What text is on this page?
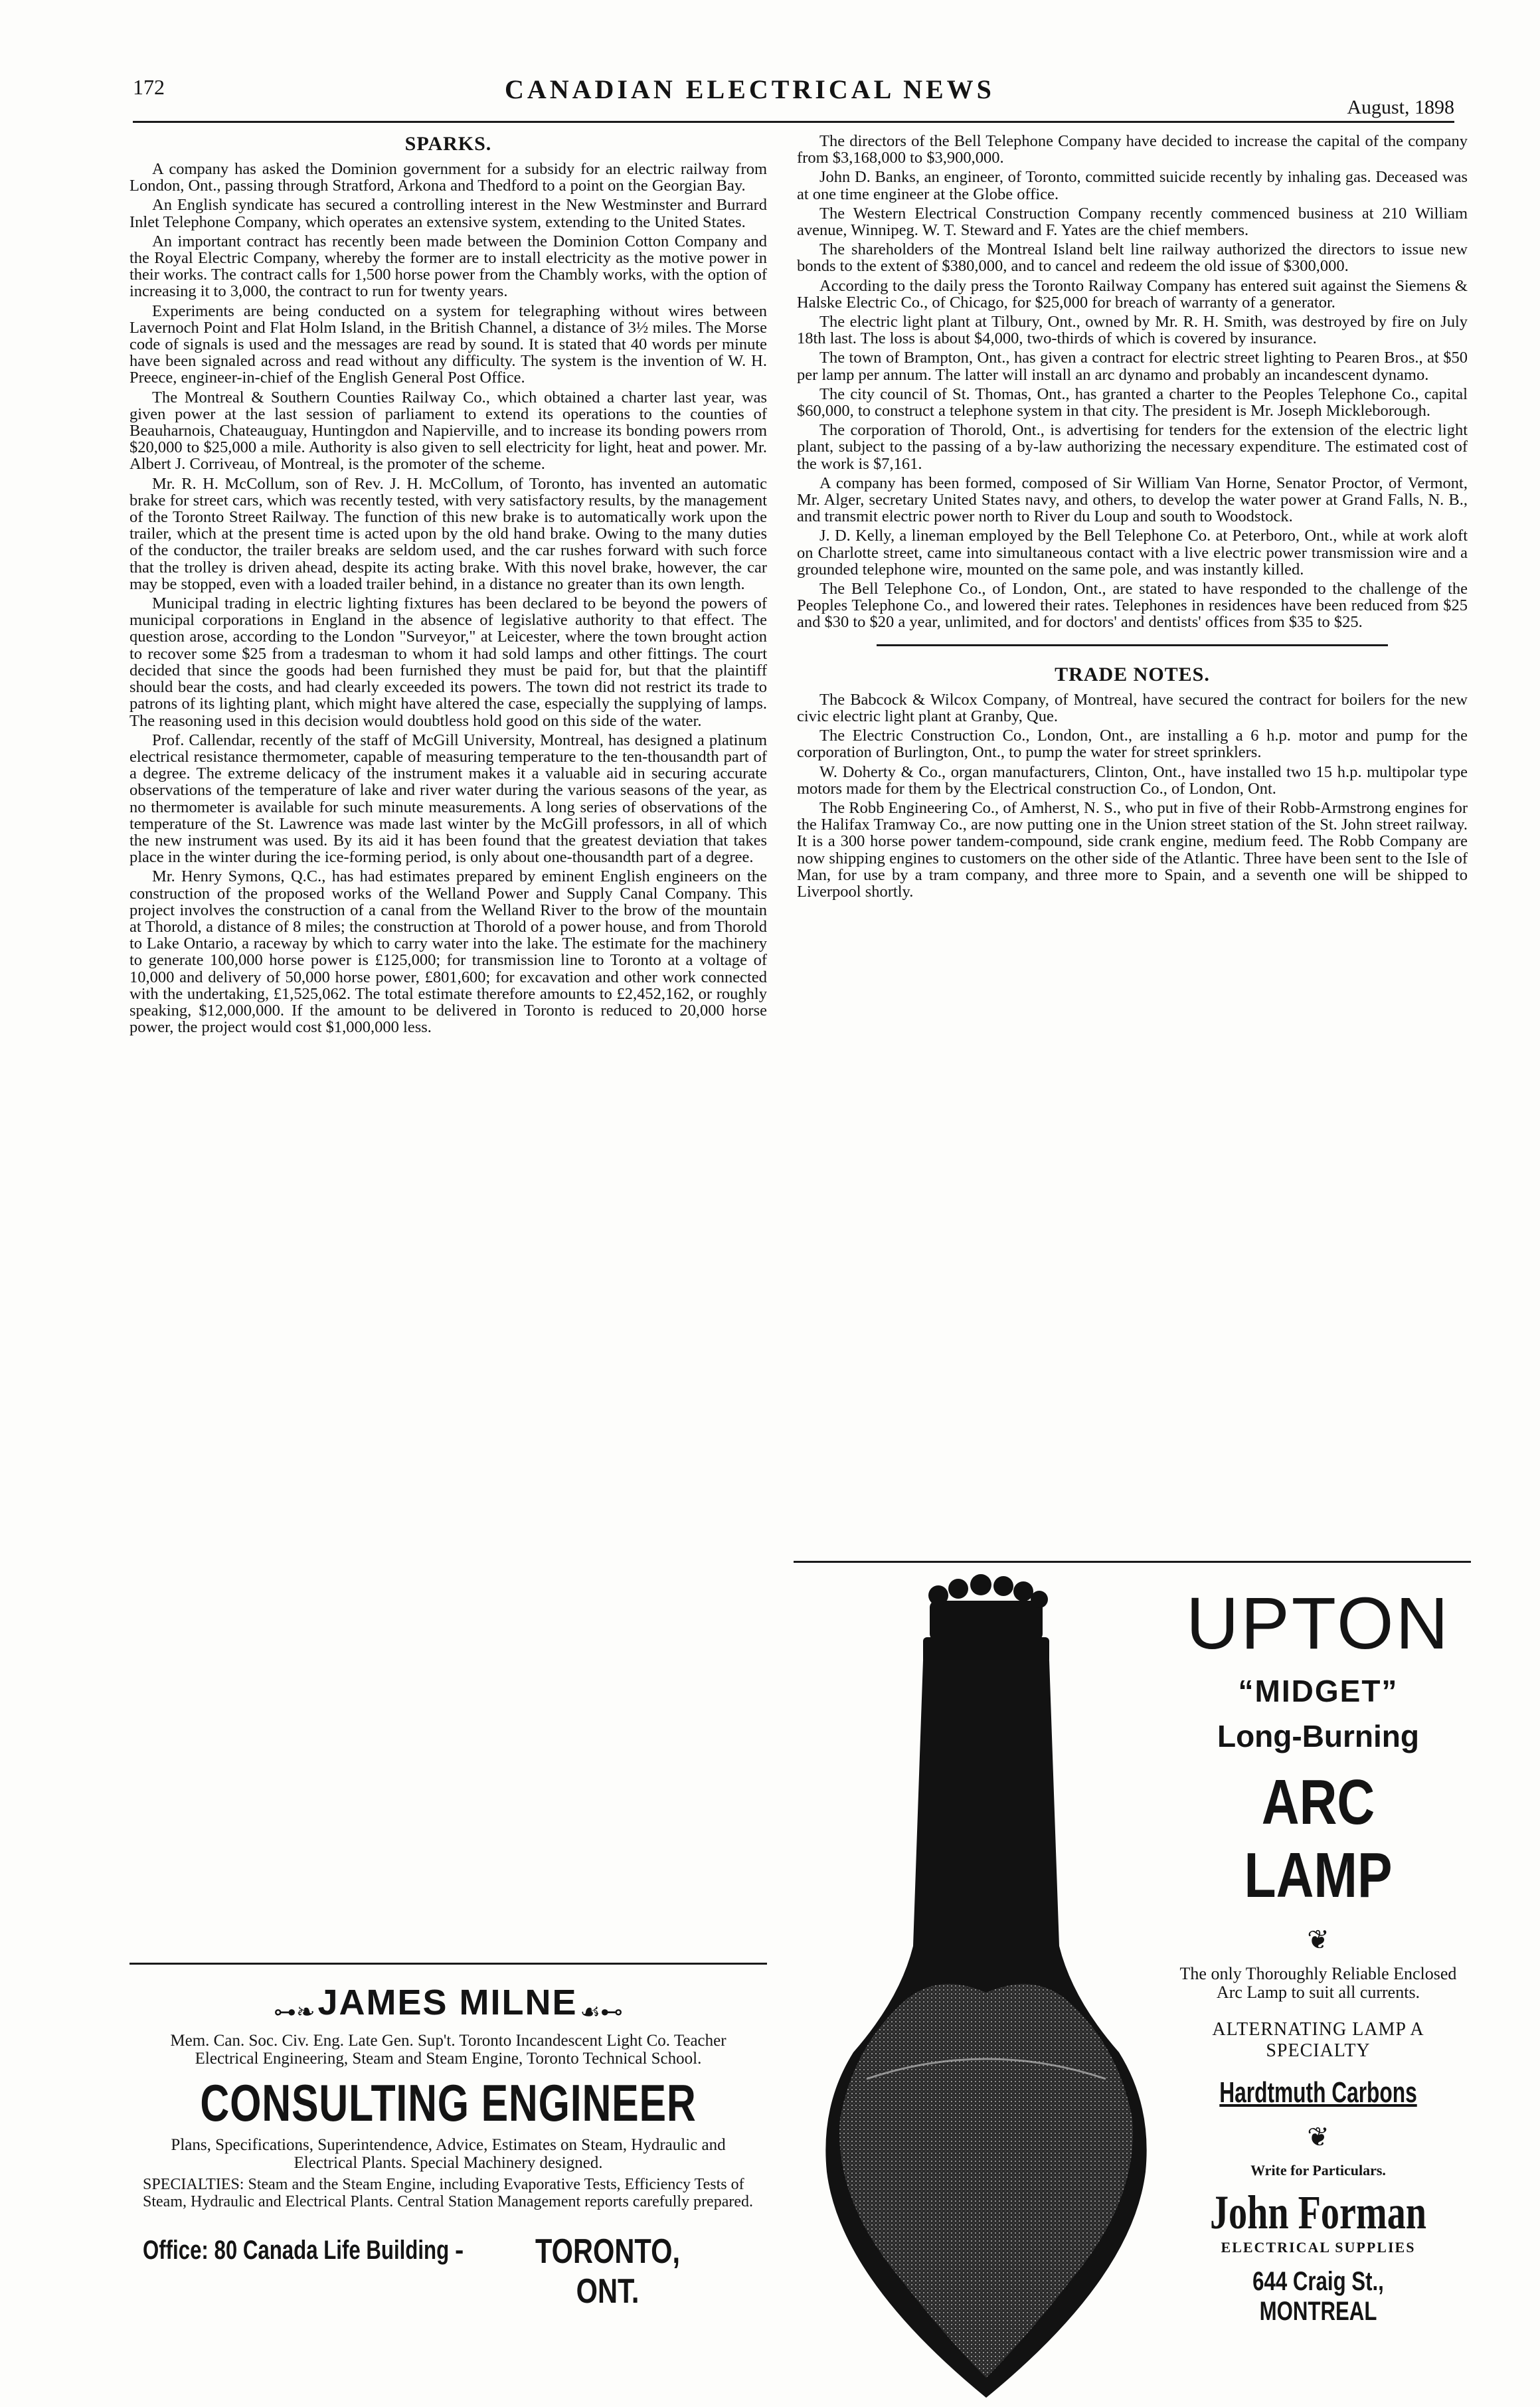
172	CANADIAN ELECTRICAL NEWS
August, 1898
SPARKS.

A company has asked the Dominion government for a subsidy for an electric railway from London, Ont., passing through Stratford, Arkona and Thedford to a point on the Georgian Bay.

An English syndicate has secured a controlling interest in the New Westminster and Burrard Inlet Telephone Company, which operates an extensive system, extending to the United States.

An important contract has recently been made between the Dominion Cotton Company and the Royal Electric Company, whereby the former are to install electricity as the motive power in their works. The contract calls for 1,500 horse power from the Chambly works, with the option of increasing it to 3,000, the contract to run for twenty years.

Experiments are being conducted on a system for telegraphing without wires between Lavernoch Point and Flat Holm Island, in the British Channel, a distance of 3½ miles. The Morse code of signals is used and the messages are read by sound. It is stated that 40 words per minute have been signaled across and read without any difficulty. The system is the invention of W. H. Preece, engineer-in-chief of the English General Post Office.

The Montreal & Southern Counties Railway Co., which obtained a charter last year, was given power at the last session of parliament to extend its operations to the counties of Beauharnois, Chateauguay, Huntingdon and Napierville, and to increase its bonding powers rrom $20,000 to $25,000 a mile. Authority is also given to sell electricity for light, heat and power. Mr. Albert J. Corriveau, of Montreal, is the promoter of the scheme.

Mr. R. H. McCollum, son of Rev. J. H. McCollum, of Toronto, has invented an automatic brake for street cars, which was recently tested, with very satisfactory results, by the management of the Toronto Street Railway. The function of this new brake is to automatically work upon the trailer, which at the present time is acted upon by the old hand brake. Owing to the many duties of the conductor, the trailer breaks are seldom used, and the car rushes forward with such force that the trolley is driven ahead, despite its acting brake. With this novel brake, however, the car may be stopped, even with a loaded trailer behind, in a distance no greater than its own length.

Municipal trading in electric lighting fixtures has been declared to be beyond the powers of municipal corporations in England in the absence of legislative authority to that effect. The question arose, according to the London "Surveyor," at Leicester, where the town brought action to recover some $25 from a tradesman to whom it had sold lamps and other fittings. The court decided that since the goods had been furnished they must be paid for, but that the plaintiff should bear the costs, and had clearly exceeded its powers. The town did not restrict its trade to patrons of its lighting plant, which might have altered the case, especially the supplying of lamps. The reasoning used in this decision would doubtless hold good on this side of the water.

Prof. Callendar, recently of the staff of McGill University, Montreal, has designed a platinum electrical resistance thermometer, capable of measuring temperature to the ten-thousandth part of a degree. The extreme delicacy of the instrument makes it a valuable aid in securing accurate observations of the temperature of lake and river water during the various seasons of the year, as no thermometer is available for such minute measurements. A long series of observations of the temperature of the St. Lawrence was made last winter by the McGill professors, in all of which the new instrument was used. By its aid it has been found that the greatest deviation that takes place in the winter during the ice-forming period, is only about one-thousandth part of a degree.

Mr. Henry Symons, Q.C., has had estimates prepared by eminent English engineers on the construction of the proposed works of the Welland Power and Supply Canal Company. This project involves the construction of a canal from the Welland River to the brow of the mountain at Thorold, a distance of 8 miles; the construction at Thorold of a power house, and from Thorold to Lake Ontario, a raceway by which to carry water into the lake. The estimate for the machinery to generate 100,000 horse power is £125,000; for transmission line to Toronto at a voltage of 10,000 and delivery of 50,000 horse power, £801,600; for excavation and other work connected with the undertaking, £1,525,062. The total estimate therefore amounts to £2,452,162, or roughly speaking, $12,000,000. If the amount to be delivered in Toronto is reduced to 20,000 horse power, the project would cost $1,000,000 less.

⊶❧ JAMES MILNE ☙⊷
Mem. Can. Soc. Civ. Eng. Late Gen. Sup't. Toronto Incandescent Light Co. Teacher Electrical Engineering, Steam and Steam Engine, Toronto Technical School.
CONSULTING ENGINEER
Plans, Specifications, Superintendence, Advice, Estimates on Steam, Hydraulic and Electrical Plants. Special Machinery designed.
SPECIALTIES: Steam and the Steam Engine, including Evaporative Tests, Efficiency Tests of Steam, Hydraulic and Electrical Plants. Central Station Management reports carefully prepared.
Office: 80 Canada Life Building -	TORONTO, ONT.

The directors of the Bell Telephone Company have decided to increase the capital of the company from $3,168,000 to $3,900,000.

John D. Banks, an engineer, of Toronto, committed suicide recently by inhaling gas. Deceased was at one time engineer at the Globe office.

The Western Electrical Construction Company recently commenced business at 210 William avenue, Winnipeg. W. T. Steward and F. Yates are the chief members.

The shareholders of the Montreal Island belt line railway authorized the directors to issue new bonds to the extent of $380,000, and to cancel and redeem the old issue of $300,000.

According to the daily press the Toronto Railway Company has entered suit against the Siemens & Halske Electric Co., of Chicago, for $25,000 for breach of warranty of a generator.

The electric light plant at Tilbury, Ont., owned by Mr. R. H. Smith, was destroyed by fire on July 18th last. The loss is about $4,000, two-thirds of which is covered by insurance.

The town of Brampton, Ont., has given a contract for electric street lighting to Pearen Bros., at $50 per lamp per annum. The latter will install an arc dynamo and probably an incandescent dynamo.

The city council of St. Thomas, Ont., has granted a charter to the Peoples Telephone Co., capital $60,000, to construct a telephone system in that city. The president is Mr. Joseph Mickleborough.

The corporation of Thorold, Ont., is advertising for tenders for the extension of the electric light plant, subject to the passing of a by-law authorizing the necessary expenditure. The estimated cost of the work is $7,161.

A company has been formed, composed of Sir William Van Horne, Senator Proctor, of Vermont, Mr. Alger, secretary United States navy, and others, to develop the water power at Grand Falls, N. B., and transmit electric power north to River du Loup and south to Woodstock.

J. D. Kelly, a lineman employed by the Bell Telephone Co. at Peterboro, Ont., while at work aloft on Charlotte street, came into simultaneous contact with a live electric power transmission wire and a grounded telephone wire, mounted on the same pole, and was instantly killed.

The Bell Telephone Co., of London, Ont., are stated to have responded to the challenge of the Peoples Telephone Co., and lowered their rates. Telephones in residences have been reduced from $25 and $30 to $20 a year, unlimited, and for doctors' and dentists' offices from $35 to $25.

TRADE NOTES.

The Babcock & Wilcox Company, of Montreal, have secured the contract for boilers for the new civic electric light plant at Granby, Que.

The Electric Construction Co., London, Ont., are installing a 6 h.p. motor and pump for the corporation of Burlington, Ont., to pump the water for street sprinklers.

W. Doherty & Co., organ manufacturers, Clinton, Ont., have installed two 15 h.p. multipolar type motors made for them by the Electrical construction Co., of London, Ont.

The Robb Engineering Co., of Amherst, N. S., who put in five of their Robb-Armstrong engines for the Halifax Tramway Co., are now putting one in the Union street station of the St. John street railway. It is a 300 horse power tandem-compound, side crank engine, medium feed. The Robb Company are now shipping engines to customers on the other side of the Atlantic. Three have been sent to the Isle of Man, for use by a tram company, and three more to Spain, and a seventh one will be shipped to Liverpool shortly.

UPTON
“MIDGET”
Long-Burning
ARC LAMP
❦
The only Thoroughly Reliable Enclosed Arc Lamp to suit all currents.
ALTERNATING LAMP A SPECIALTY
Hardtmuth Carbons
❦
Write for Particulars.
John Forman
ELECTRICAL SUPPLIES
644 Craig St., MONTREAL
